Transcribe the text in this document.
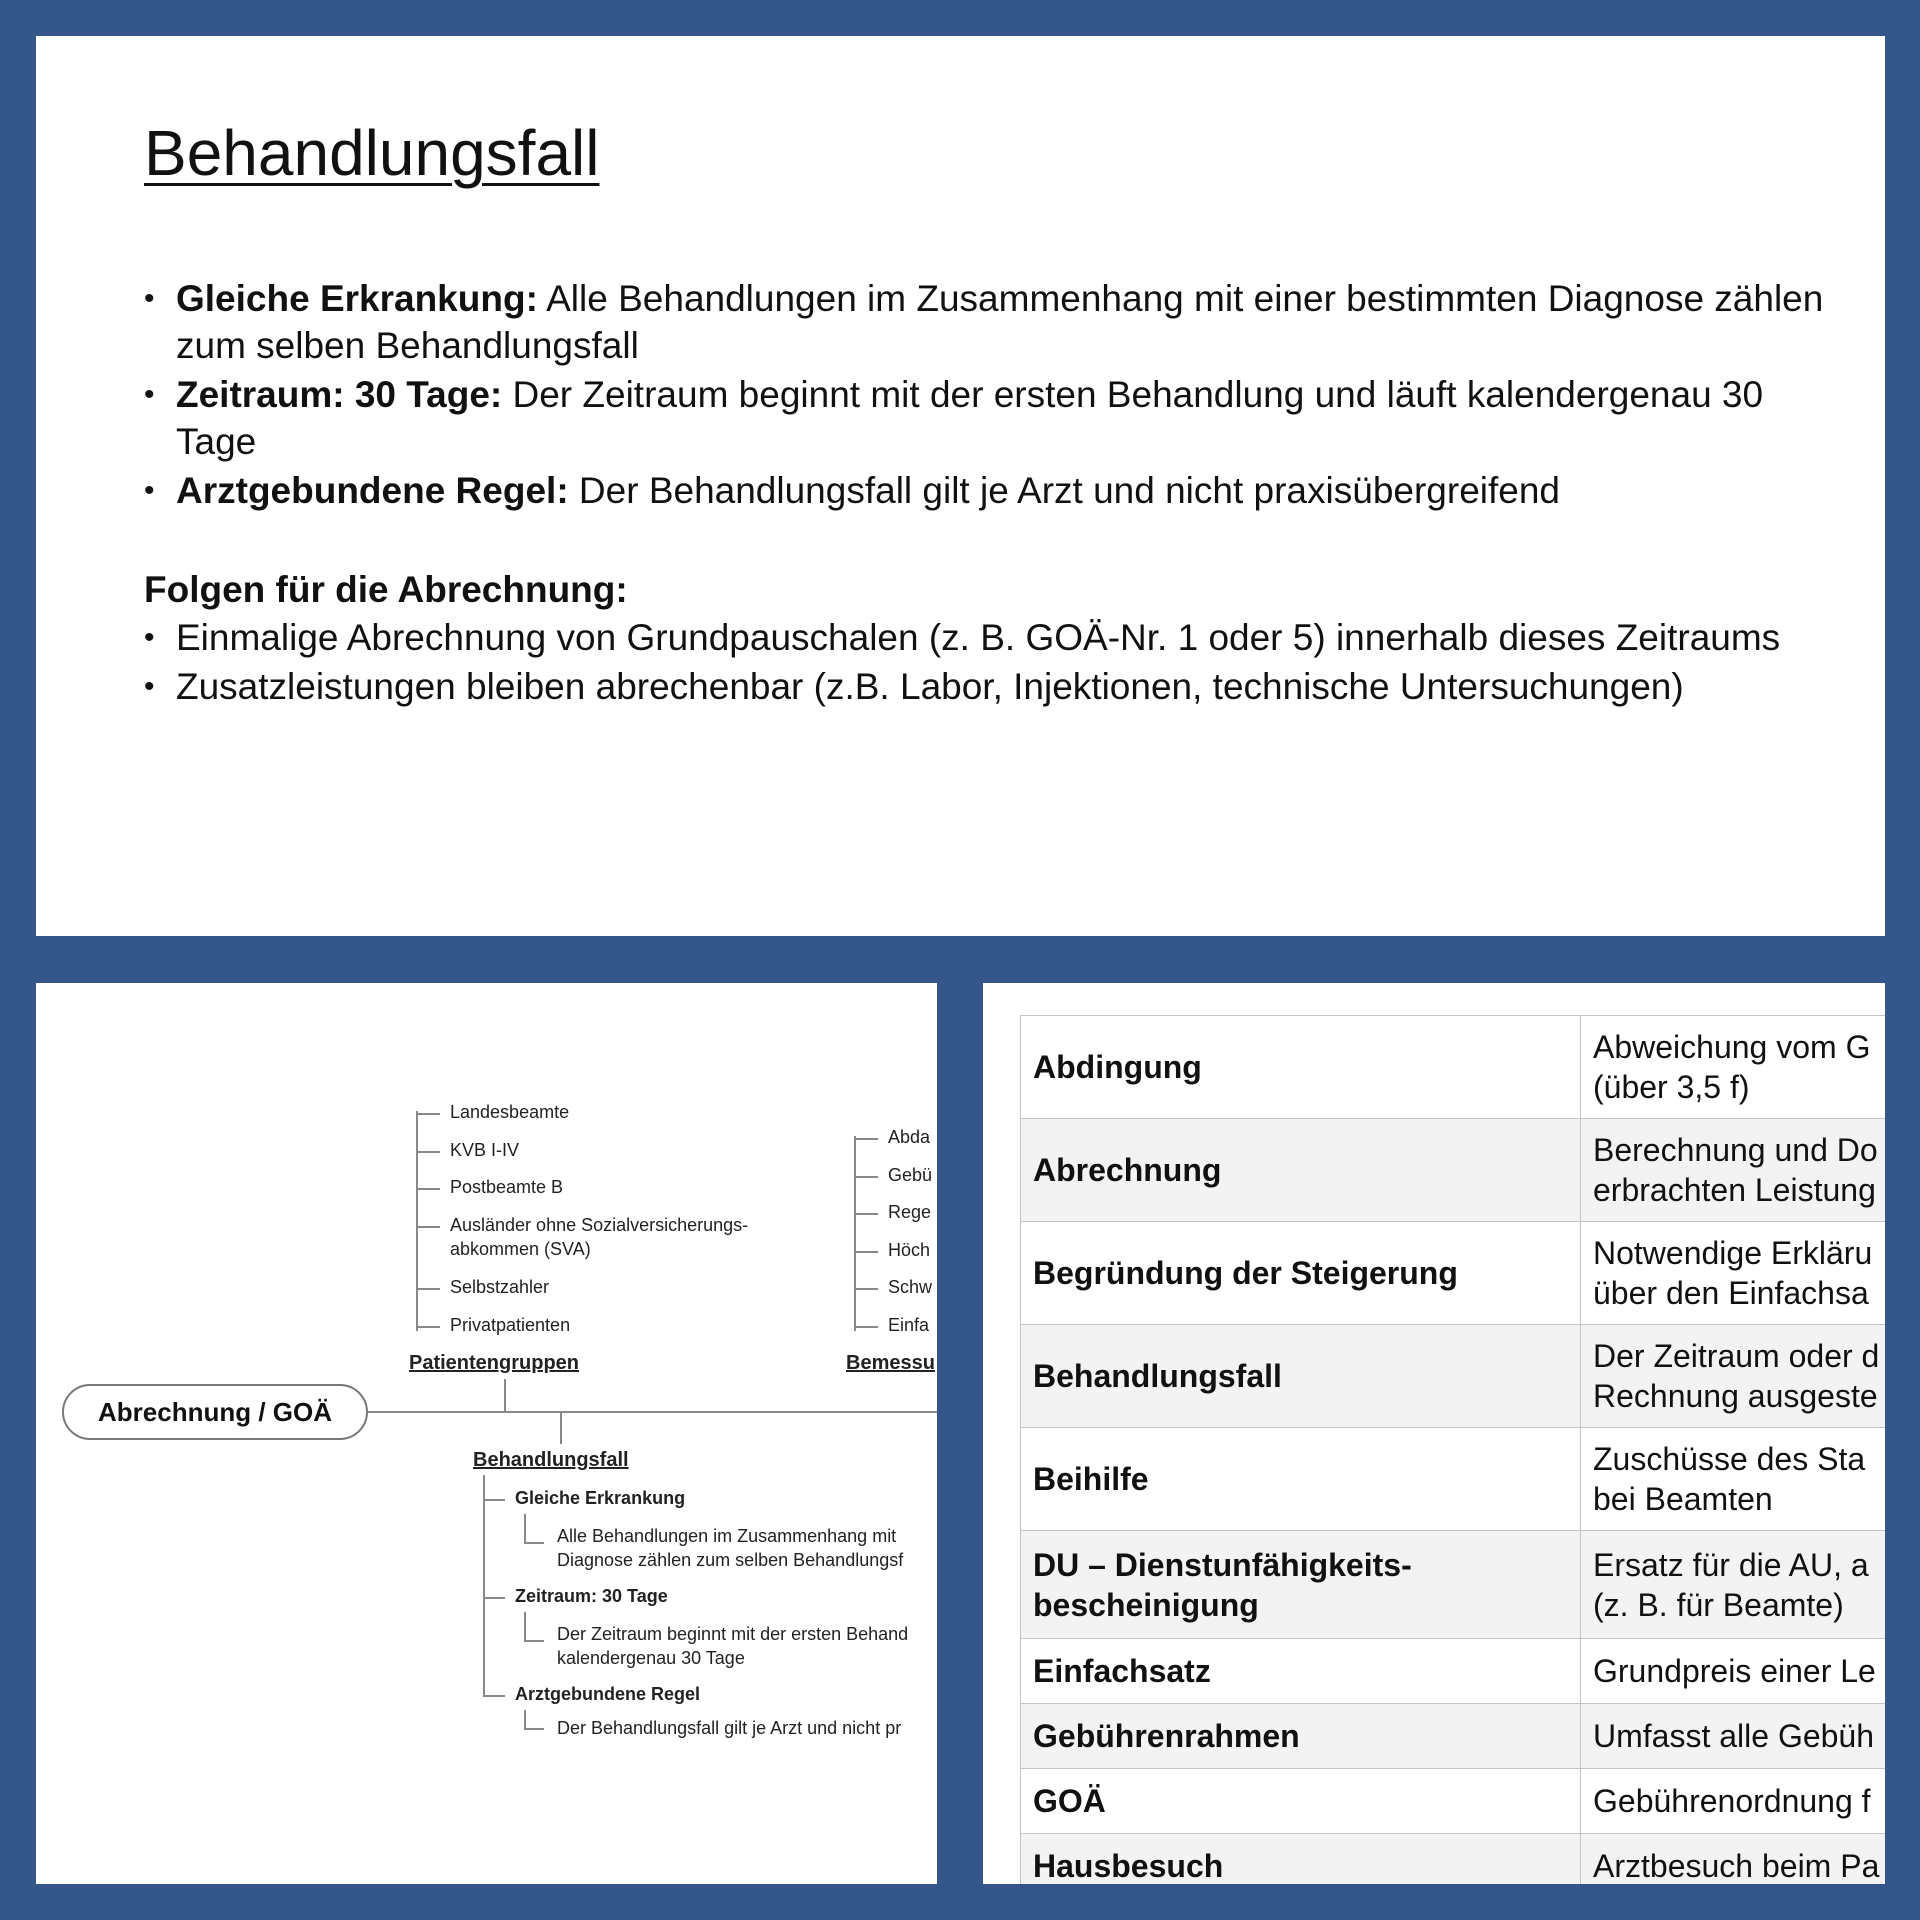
Behandlungsfall
• Gleiche Erkrankung: Alle Behandlungen im Zusammenhang mit einer bestimmten Diagnose zählen zum selben Behandlungsfall
• Zeitraum: 30 Tage: Der Zeitraum beginnt mit der ersten Behandlung und läuft kalendergenau 30 Tage
• Arztgebundene Regel: Der Behandlungsfall gilt je Arzt und nicht praxisübergreifend

Folgen für die Abrechnung:

• Einmalige Abrechnung von Grundpauschalen (z. B. GOÄ-Nr. 1 oder 5) innerhalb dieses Zeitraums
• Zusatzleistungen bleiben abrechenbar (z.B. Labor, Injektionen, technische Untersuchungen)
Landesbeamte
KVB I-IV
Postbeamte B
Ausländer ohne Sozialversicherungs-
abkommen (SVA)
Selbstzahler
Privatpatienten
Patientengruppen
Abda
Gebü
Rege
Höch
Schw
Einfa
Bemessu
Abrechnung / GOÄ
Behandlungsfall
Gleiche Erkrankung
Alle Behandlungen im Zusammenhang mit
Diagnose zählen zum selben Behandlungsf
Zeitraum: 30 Tage
Der Zeitraum beginnt mit der ersten Behand
kalendergenau 30 Tage
Arztgebundene Regel
Der Behandlungsfall gilt je Arzt und nicht pr
Abdingung	Abweichung vom G
(über 3,5 f)
Abrechnung	Berechnung und Do
erbrachten Leistung
Begründung der Steigerung	Notwendige Erkläru
über den Einfachsa
Behandlungsfall	Der Zeitraum oder d
Rechnung ausgeste
Beihilfe	Zuschüsse des Sta
bei Beamten
DU – Dienstunfähigkeits-
bescheinigung	Ersatz für die AU, a
(z. B. für Beamte)
Einfachsatz	Grundpreis einer Le
Gebührenrahmen	Umfasst alle Gebüh
GOÄ	Gebührenordnung f
Hausbesuch	Arztbesuch beim Pa
